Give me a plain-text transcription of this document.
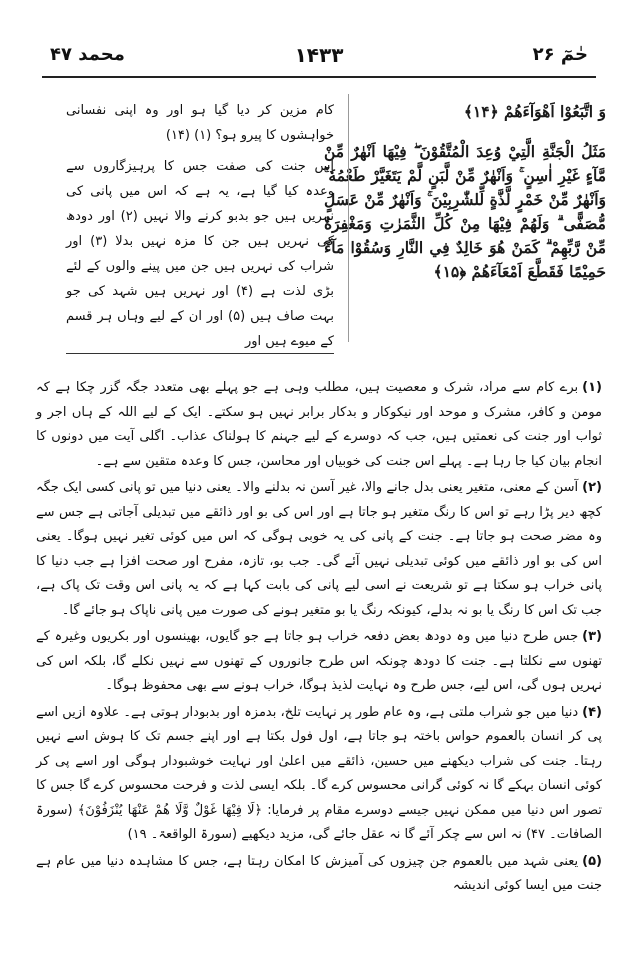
حٰمٓ ۲۶
۱۴۳۳
محمد ۴۷

وَ اتَّبَعُوْا اَهْوَآءَهُمْ ﴿۱۴﴾

مَثَلُ الْجَنَّةِ الَّتِيْ وُعِدَ الْمُتَّقُوْنَ ۖ فِيْهَا اَنْهٰرٌ مِّنْ مَّآءٍ غَيْرِ اٰسِنٍ ۚ وَاَنْهٰرٌ مِّنْ لَّبَنٍ لَّمْ يَتَغَيَّرْ طَعْمُهٗ ۚ وَاَنْهٰرٌ مِّنْ خَمْرٍ لَّذَّةٍ لِّلشّٰرِبِيْنَ ۚ وَاَنْهٰرٌ مِّنْ عَسَلٍ مُّصَفًّى ۗ وَلَهُمْ فِيْهَا مِنْ كُلِّ الثَّمَرٰتِ وَمَغْفِرَةٌ مِّنْ رَّبِّهِمْ ۗ كَمَنْ هُوَ خَالِدٌ فِي النَّارِ وَسُقُوْا مَآءً حَمِيْمًا فَقَطَّعَ اَمْعَآءَهُمْ ﴿۱۵﴾

کام مزین کر دیا گیا ہو اور وہ اپنی نفسانی خواہشوں کا پیرو ہو؟ (۱) (۱۴)

اس جنت کی صفت جس کا پرہیزگاروں سے وعدہ کیا گیا ہے، یہ ہے کہ اس میں پانی کی نہریں ہیں جو بدبو کرنے والا نہیں (۲) اور دودھ کی نہریں ہیں جن کا مزہ نہیں بدلا (۳) اور شراب کی نہریں ہیں جن میں پینے والوں کے لئے بڑی لذت ہے (۴) اور نہریں ہیں شہد کی جو بہت صاف ہیں (۵) اور ان کے لیے وہاں ہر قسم کے میوے ہیں اور

(۱)برے کام سے مراد، شرک و معصیت ہیں، مطلب وہی ہے جو پہلے بھی متعدد جگہ گزر چکا ہے کہ مومن و کافر، مشرک و موحد اور نیکوکار و بدکار برابر نہیں ہو سکتے۔ ایک کے لیے اللہ کے ہاں اجر و ثواب اور جنت کی نعمتیں ہیں، جب کہ دوسرے کے لیے جہنم کا ہولناک عذاب۔ اگلی آیت میں دونوں کا انجام بیان کیا جا رہا ہے۔ پہلے اس جنت کی خوبیاں اور محاسن، جس کا وعدہ متقین سے ہے۔

(۲)آسن کے معنی، متغیر یعنی بدل جانے والا، غیر آسن نہ بدلنے والا۔ یعنی دنیا میں تو پانی کسی ایک جگہ کچھ دیر پڑا رہے تو اس کا رنگ متغیر ہو جاتا ہے اور اس کی بو اور ذائقے میں تبدیلی آجاتی ہے جس سے وہ مضر صحت ہو جاتا ہے۔ جنت کے پانی کی یہ خوبی ہوگی کہ اس میں کوئی تغیر نہیں ہوگا۔ یعنی اس کی بو اور ذائقے میں کوئی تبدیلی نہیں آئے گی۔ جب بو، تازہ، مفرح اور صحت افزا ہے جب دنیا کا پانی خراب ہو سکتا ہے تو شریعت نے اسی لیے پانی کی بابت کہا ہے کہ یہ پانی اس وقت تک پاک ہے، جب تک اس کا رنگ یا بو نہ بدلے، کیونکہ رنگ یا بو متغیر ہونے کی صورت میں پانی ناپاک ہو جائے گا۔

(۳)جس طرح دنیا میں وہ دودھ بعض دفعہ خراب ہو جاتا ہے جو گایوں، بھینسوں اور بکریوں وغیرہ کے تھنوں سے نکلتا ہے۔ جنت کا دودھ چونکہ اس طرح جانوروں کے تھنوں سے نہیں نکلے گا، بلکہ اس کی نہریں ہوں گی، اس لیے، جس طرح وہ نہایت لذیذ ہوگا، خراب ہونے سے بھی محفوظ ہوگا۔

(۴)دنیا میں جو شراب ملتی ہے، وہ عام طور پر نہایت تلخ، بدمزہ اور بدبودار ہوتی ہے۔ علاوہ ازیں اسے پی کر انسان بالعموم حواس باختہ ہو جاتا ہے، اول فول بکتا ہے اور اپنے جسم تک کا ہوش اسے نہیں رہتا۔ جنت کی شراب دیکھنے میں حسین، ذائقے میں اعلیٰ اور نہایت خوشبودار ہوگی اور اسے پی کر کوئی انسان بہکے گا نہ کوئی گرانی محسوس کرے گا۔ بلکہ ایسی لذت و فرحت محسوس کرے گا جس کا تصور اس دنیا میں ممکن نہیں جیسے دوسرے مقام پر فرمایا: ﴿لَا فِيْهَا غَوْلٌ وَّلَا هُمْ عَنْهَا يُنْزَفُوْنَ﴾ (سورۃ الصافات۔ ۴۷) نہ اس سے چکر آئے گا نہ عقل جائے گی، مزید دیکھیے (سورۃ الواقعۃ۔ ۱۹)

(۵)یعنی شہد میں بالعموم جن چیزوں کی آمیزش کا امکان رہتا ہے، جس کا مشاہدہ دنیا میں عام ہے جنت میں ایسا کوئی اندیشہ
